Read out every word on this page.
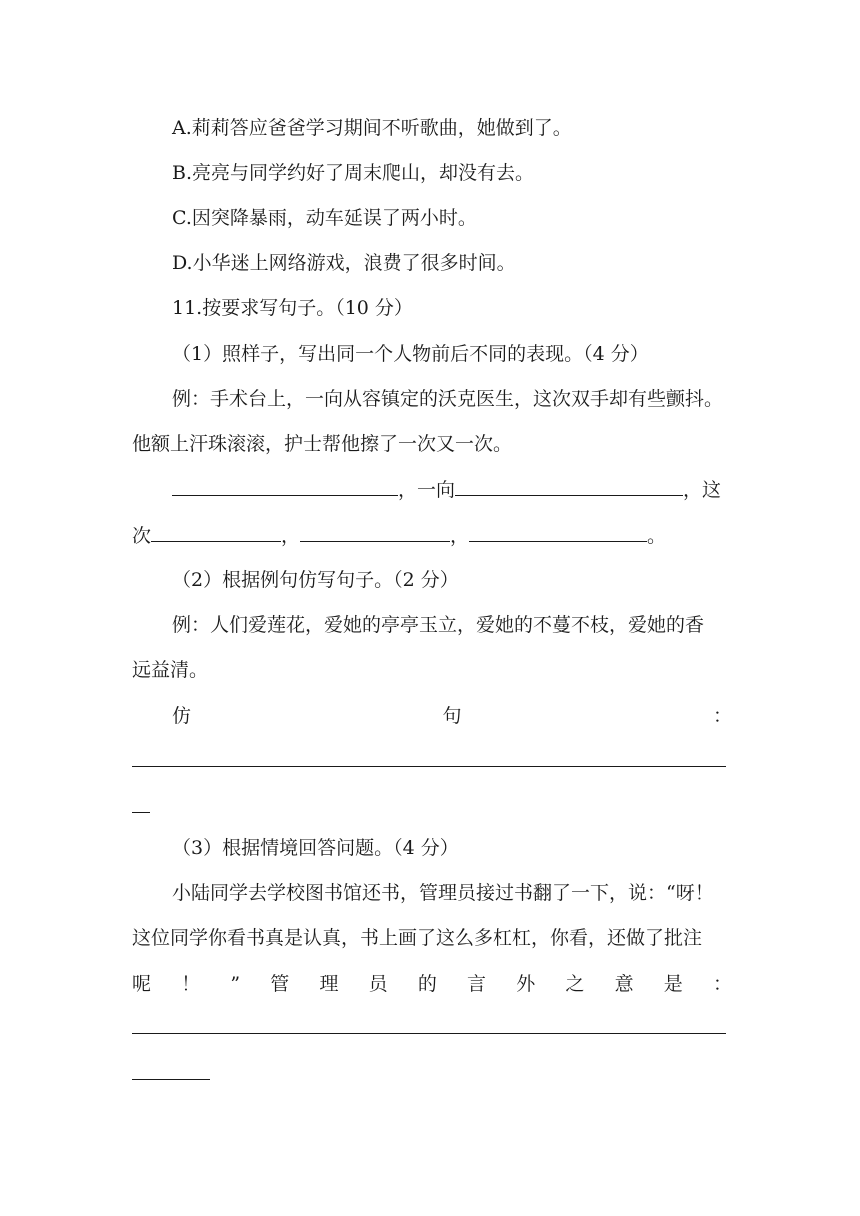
A.莉莉答应爸爸学习期间不听歌曲，她做到了。
B.亮亮与同学约好了周末爬山，却没有去。
C.因突降暴雨，动车延误了两小时。
D.小华迷上网络游戏，浪费了很多时间。
11.按要求写句子。（10 分）
（1）照样子，写出同一个人物前后不同的表现。（4 分）
例：手术台上，一向从容镇定的沃克医生，这次双手却有些颤抖。
他额上汗珠滚滚，护士帮他擦了一次又一次。
，一向	，这
次	，	，	。
（2）根据例句仿写句子。（2 分）
例：人们爱莲花，爱她的亭亭玉立，爱她的不蔓不枝，爱她的香
远益清。
仿	句	：
（3）根据情境回答问题。（4 分）
小陆同学去学校图书馆还书，管理员接过书翻了一下，说：“呀！
这位同学你看书真是认真，书上画了这么多杠杠，你看，还做了批注
呢 ！ ” 管 理 员 的 言 外 之 意 是 ：
